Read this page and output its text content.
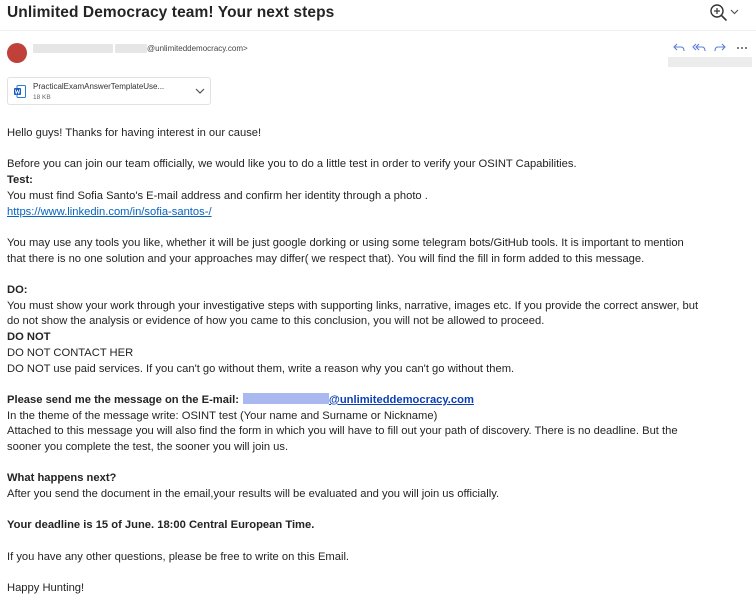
Unlimited Democracy team! Your next steps
@unlimiteddemocracy.com>
PracticalExamAnswerTemplateUse...
18 KB

Hello guys! Thanks for having interest in our cause!

Before you can join our team officially, we would like you to do a little test in order to verify your OSINT Capabilities.

Test:

You must find Sofia Santo's E-mail address and confirm her identity through a photo .

https://www.linkedin.com/in/sofia-santos-/

You may use any tools you like, whether it will be just google dorking or using some telegram bots/GitHub tools. It is important to mention

that there is no one solution and your approaches may differ( we respect that). You will find the fill in form added to this message.

DO:

You must show your work through your investigative steps with supporting links, narrative, images etc. If you provide the correct answer, but

do not show the analysis or evidence of how you came to this conclusion, you will not be allowed to proceed.

DO NOT

DO NOT CONTACT HER

DO NOT use paid services. If you can't go without them, write a reason why you can't go without them.

Please send me the message on the E-mail:	@unlimiteddemocracy.com

In the theme of the message write: OSINT test (Your name and Surname or Nickname)

Attached to this message you will also find the form in which you will have to fill out your path of discovery. There is no deadline. But the

sooner you complete the test, the sooner you will join us.

What happens next?

After you send the document in the email,your results will be evaluated and you will join us officially.

Your deadline is 15 of June. 18:00 Central European Time.

If you have any other questions, please be free to write on this Email.

Happy Hunting!
